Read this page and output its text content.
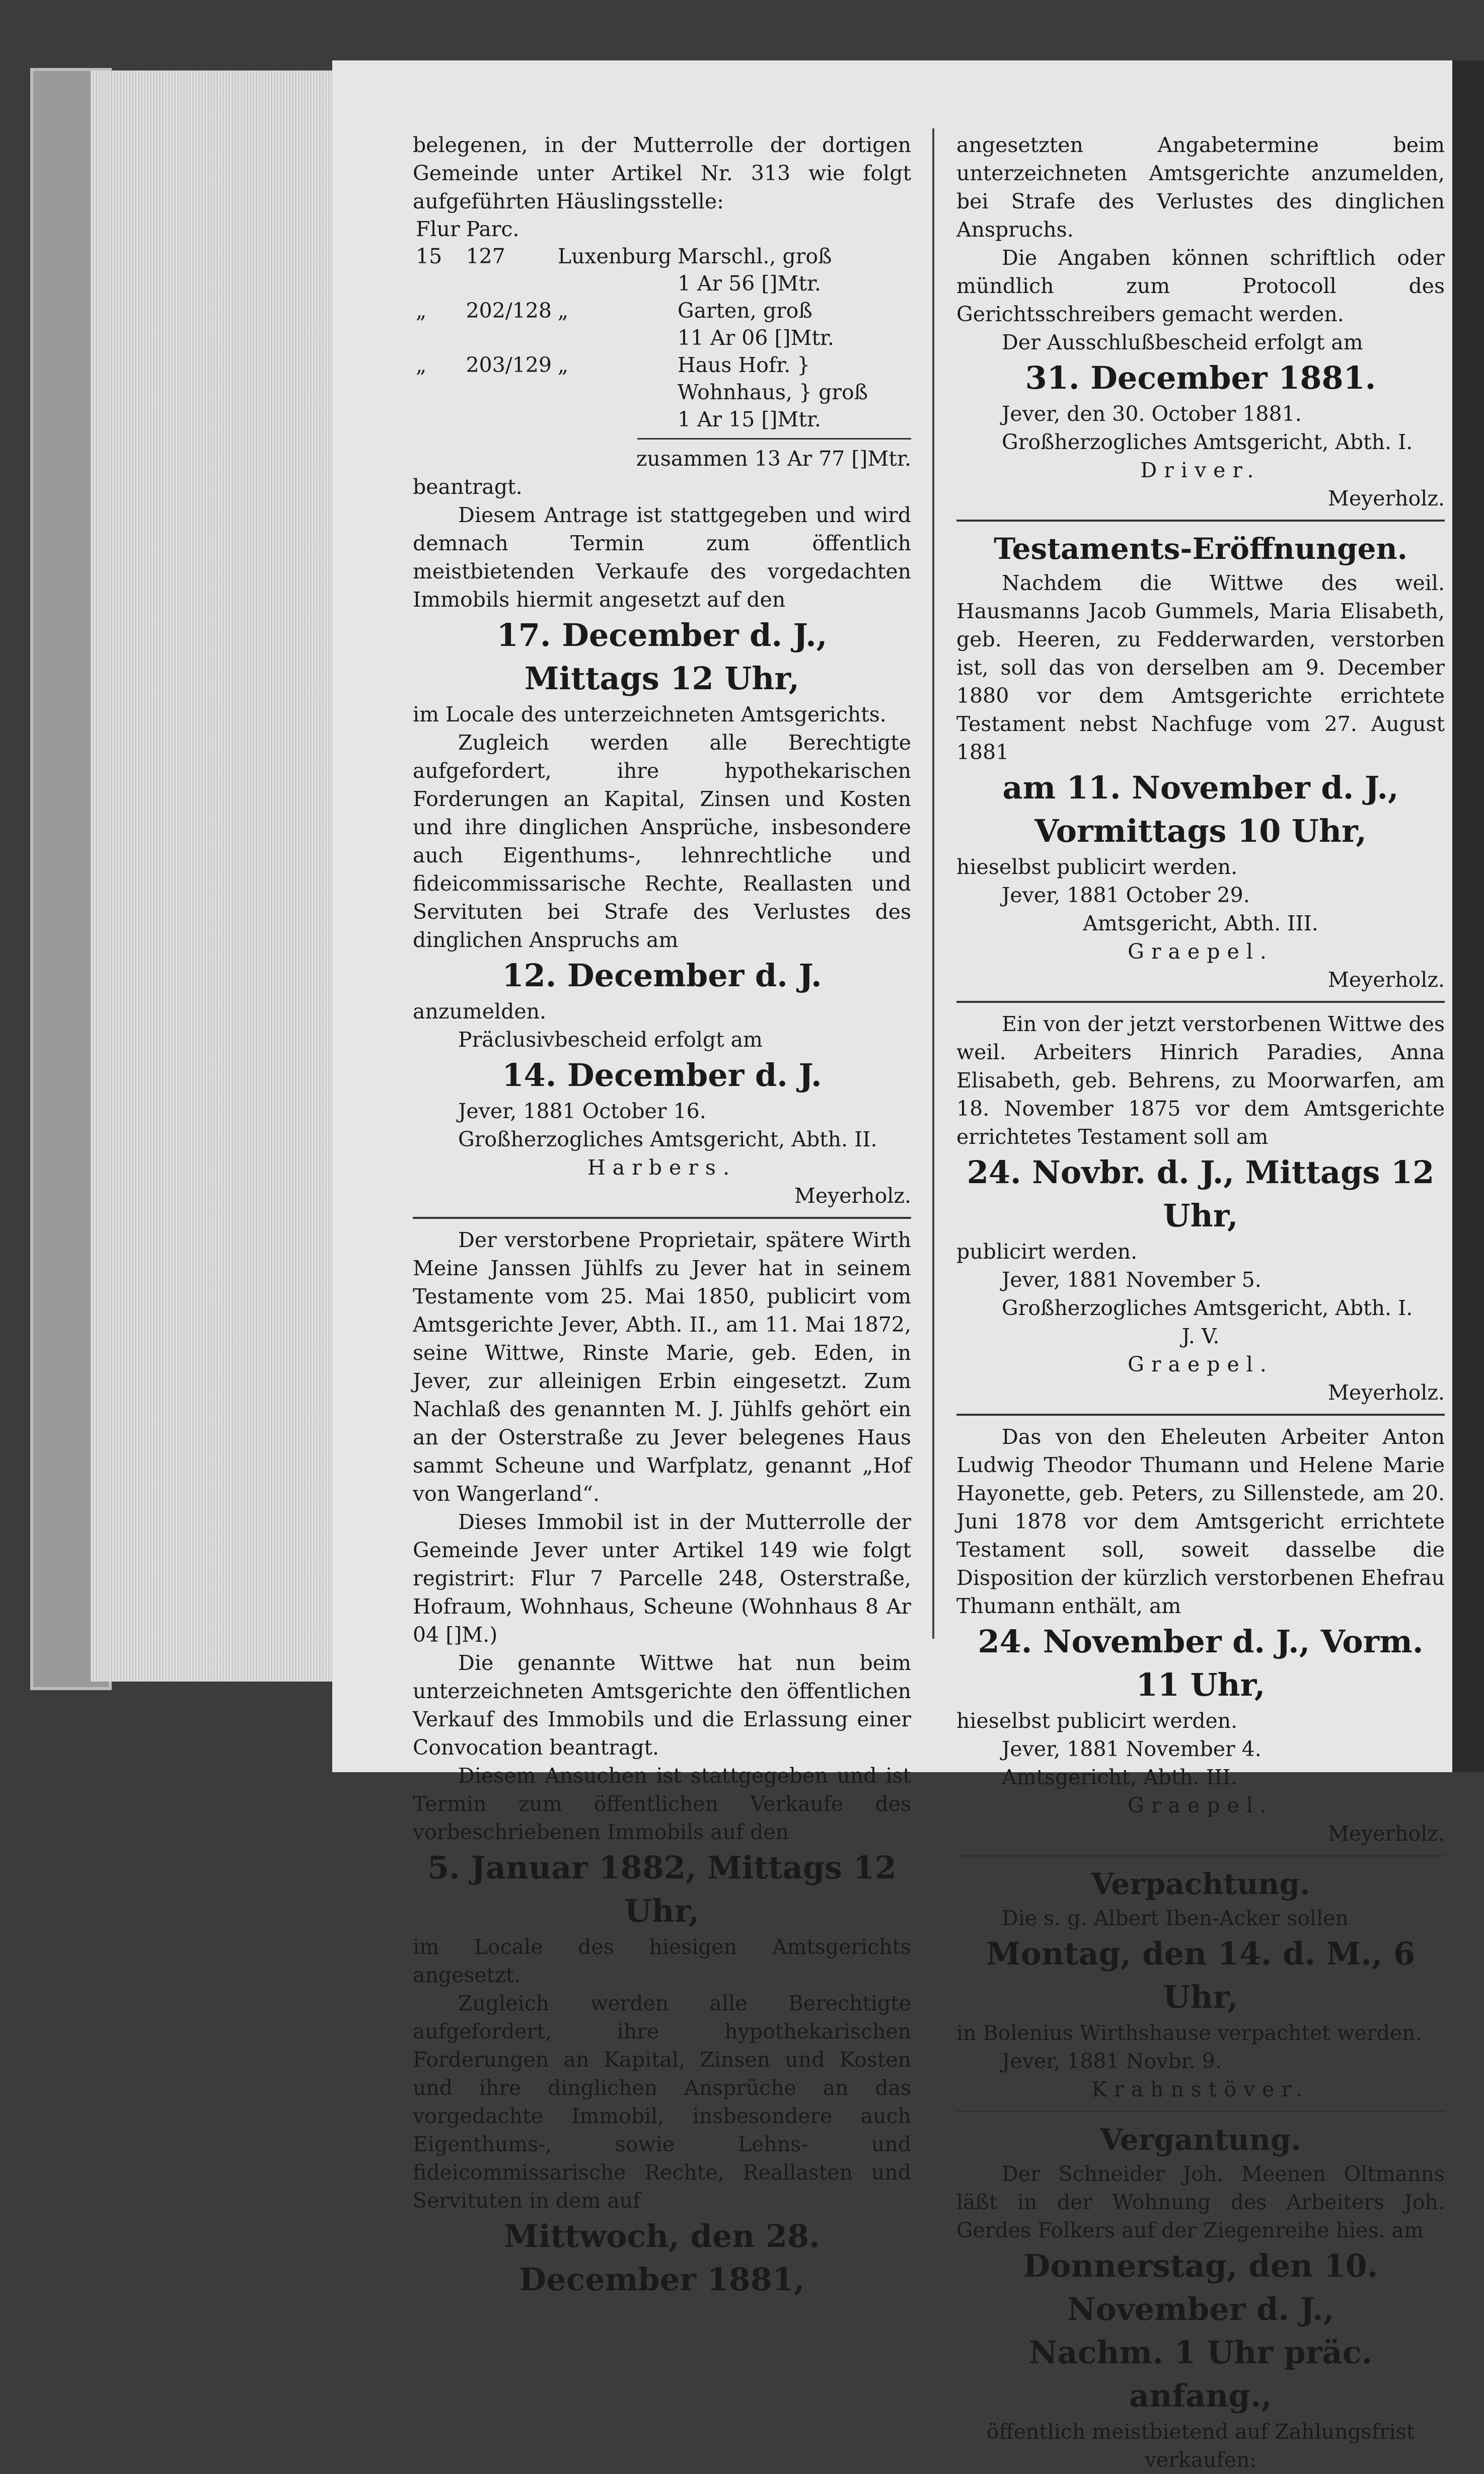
belegenen, in der Mutterrolle der dortigen Gemeinde unter Artikel Nr. 313 wie folgt aufgeführten Häuslingsstelle:

Flur	Parc.		
15	127	Luxenburg	Marschl., groß
1 Ar 56 []Mtr.
„	202/128	„	Garten, groß
11 Ar 06 []Mtr.
„	203/129	„	Haus Hofr. } Wohnhaus, } groß
1 Ar 15 []Mtr.

zusammen 13 Ar 77 []Mtr.

beantragt.

Diesem Antrage ist stattgegeben und wird demnach Termin zum öffentlich meistbietenden Verkaufe des vorgedachten Immobils hiermit angesetzt auf den

17. December d. J.,

Mittags 12 Uhr,

im Locale des unterzeichneten Amtsgerichts.

Zugleich werden alle Berechtigte aufgefordert, ihre hypothekarischen Forderungen an Kapital, Zinsen und Kosten und ihre dinglichen Ansprüche, insbesondere auch Eigenthums-, lehnrechtliche und fideicommissarische Rechte, Reallasten und Servituten bei Strafe des Verlustes des dinglichen Anspruchs am

12. December d. J.

anzumelden.

Präclusivbescheid erfolgt am

14. December d. J.

Jever, 1881 October 16.

Großherzogliches Amtsgericht, Abth. II.

Harbers.

Meyerholz.

Der verstorbene Proprietair, spätere Wirth Meine Janssen Jühlfs zu Jever hat in seinem Testamente vom 25. Mai 1850, publicirt vom Amtsgerichte Jever, Abth. II., am 11. Mai 1872, seine Wittwe, Rinste Marie, geb. Eden, in Jever, zur alleinigen Erbin eingesetzt. Zum Nachlaß des genannten M. J. Jühlfs gehört ein an der Osterstraße zu Jever belegenes Haus sammt Scheune und Warfplatz, genannt „Hof von Wangerland“.

Dieses Immobil ist in der Mutterrolle der Gemeinde Jever unter Artikel 149 wie folgt registrirt: Flur 7 Parcelle 248, Osterstraße, Hofraum, Wohnhaus, Scheune (Wohnhaus 8 Ar 04 []M.)

Die genannte Wittwe hat nun beim unterzeichneten Amtsgerichte den öffentlichen Verkauf des Immobils und die Erlassung einer Convocation beantragt.

Diesem Ansuchen ist stattgegeben und ist Termin zum öffentlichen Verkaufe des vorbeschriebenen Immobils auf den

5. Januar 1882, Mittags 12 Uhr,

im Locale des hiesigen Amtsgerichts angesetzt.

Zugleich werden alle Berechtigte aufgefordert, ihre hypothekarischen Forderungen an Kapital, Zinsen und Kosten und ihre dinglichen Ansprüche an das vorgedachte Immobil, insbesondere auch Eigenthums-, sowie Lehns- und fideicommissarische Rechte, Reallasten und Servituten in dem auf

Mittwoch, den 28. December 1881,

angesetzten Angabetermine beim unterzeichneten Amtsgerichte anzumelden, bei Strafe des Verlustes des dinglichen Anspruchs.

Die Angaben können schriftlich oder mündlich zum Protocoll des Gerichtsschreibers gemacht werden.

Der Ausschlußbescheid erfolgt am

31. December 1881.

Jever, den 30. October 1881.

Großherzogliches Amtsgericht, Abth. I.

Driver.

Meyerholz.

Testaments-Eröffnungen.

Nachdem die Wittwe des weil. Hausmanns Jacob Gummels, Maria Elisabeth, geb. Heeren, zu Fedderwarden, verstorben ist, soll das von derselben am 9. December 1880 vor dem Amtsgerichte errichtete Testament nebst Nachfuge vom 27. August 1881

am 11. November d. J.,

Vormittags 10 Uhr,

hieselbst publicirt werden.

Jever, 1881 October 29.

Amtsgericht, Abth. III.

Graepel.

Meyerholz.

Ein von der jetzt verstorbenen Wittwe des weil. Arbeiters Hinrich Paradies, Anna Elisabeth, geb. Behrens, zu Moorwarfen, am 18. November 1875 vor dem Amtsgerichte errichtetes Testament soll am

24. Novbr. d. J., Mittags 12 Uhr,

publicirt werden.

Jever, 1881 November 5.

Großherzogliches Amtsgericht, Abth. I.

J. V.

Graepel.

Meyerholz.

Das von den Eheleuten Arbeiter Anton Ludwig Theodor Thumann und Helene Marie Hayonette, geb. Peters, zu Sillenstede, am 20. Juni 1878 vor dem Amtsgericht errichtete Testament soll, soweit dasselbe die Disposition der kürzlich verstorbenen Ehefrau Thumann enthält, am

24. November d. J., Vorm. 11 Uhr,

hieselbst publicirt werden.

Jever, 1881 November 4.

Amtsgericht, Abth. III.

Graepel.

Meyerholz.

Verpachtung.

Die s. g. Albert Iben-Acker sollen

Montag, den 14. d. M., 6 Uhr,

in Bolenius Wirthshause verpachtet werden.

Jever, 1881 Novbr. 9.

Krahnstöver.

Vergantung.

Der Schneider Joh. Meenen Oltmanns läßt in der Wohnung des Arbeiters Joh. Gerdes Folkers auf der Ziegenreihe hies. am

Donnerstag, den 10. November d. J.,

Nachm. 1 Uhr präc. anfang.,

öffentlich meistbietend auf Zahlungsfrist verkaufen:
